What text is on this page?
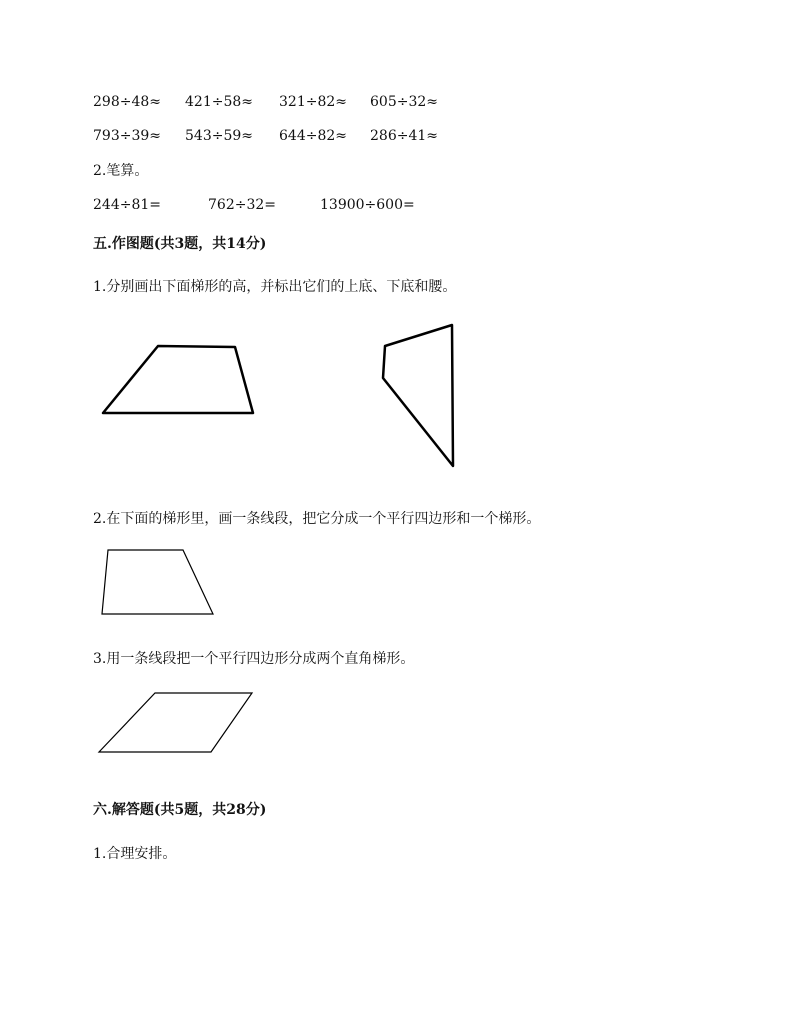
298÷48≈ 421÷58≈ 321÷82≈ 605÷32≈
793÷39≈ 543÷59≈ 644÷82≈ 286÷41≈
2.笔算。
244÷81=	762÷32=	13900÷600=
五.作图题(共3题，共14分)
1.分别画出下面梯形的高，并标出它们的上底、下底和腰。
2.在下面的梯形里，画一条线段，把它分成一个平行四边形和一个梯形。
3.用一条线段把一个平行四边形分成两个直角梯形。
六.解答题(共5题，共28分)
1.合理安排。
